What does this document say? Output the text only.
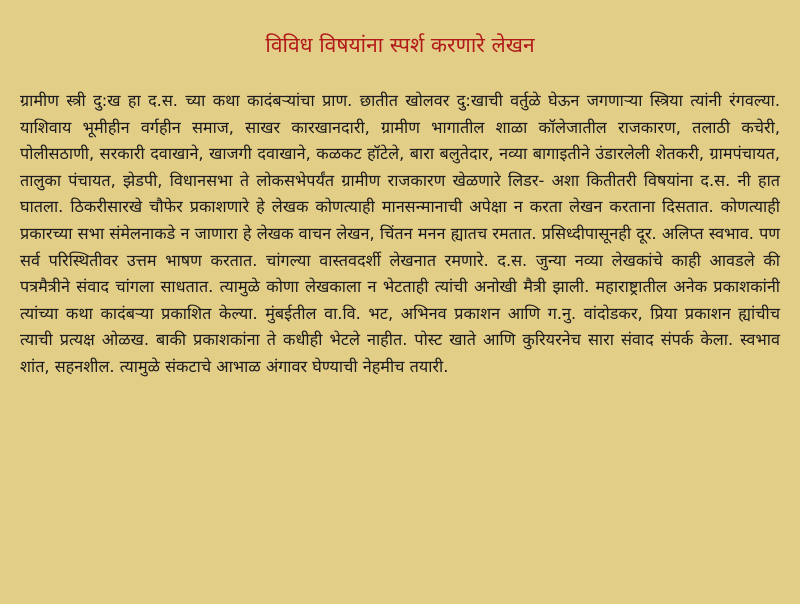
विविध विषयांना स्पर्श करणारे लेखन

ग्रामीण स्त्री दु:ख हा द.स. च्या कथा कादंबऱ्यांचा प्राण. छातीत खोलवर दु:खाची वर्तुळे घेऊन जगणाऱ्या स्त्रिया त्यांनी रंगवल्या. याशिवाय भूमीहीन वर्गहीन समाज, साखर कारखानदारी, ग्रामीण भागातील शाळा कॉलेजातील राजकारण, तलाठी कचेरी, पोलीसठाणी, सरकारी दवाखाने, खाजगी दवाखाने, कळकट हॉटेले, बारा बलुतेदार, नव्या बागाइतीने उंडारलेली शेतकरी, ग्रामपंचायत, तालुका पंचायत, झेडपी, विधानसभा ते लोकसभेपर्यंत ग्रामीण राजकारण खेळणारे लिडर- अशा कितीतरी विषयांना द.स. नी हात घातला. ठिकरीसारखे चौफेर प्रकाशणारे हे लेखक कोणत्याही मानसन्मानाची अपेक्षा न करता लेखन करताना दिसतात. कोणत्याही प्रकारच्या सभा संमेलनाकडे न जाणारा हे लेखक वाचन लेखन, चिंतन मनन ह्यातच रमतात. प्रसिध्दीपासूनही दूर. अलिप्त स्वभाव. पण सर्व परिस्थितीवर उत्तम भाषण करतात. चांगल्या वास्तवदर्शी लेखनात रमणारे. द.स. जुन्या नव्या लेखकांचे काही आवडले की पत्रमैत्रीने संवाद चांगला साधतात. त्यामुळे कोणा लेखकाला न भेटताही त्यांची अनोखी मैत्री झाली. महाराष्ट्रातील अनेक प्रकाशकांनी त्यांच्या कथा कादंबऱ्या प्रकाशित केल्या. मुंबईतील वा.वि. भट, अभिनव प्रकाशन आणि ग.नु. वांदोडकर, प्रिया प्रकाशन ह्यांचीच त्याची प्रत्यक्ष ओळख. बाकी प्रकाशकांना ते कधीही भेटले नाहीत. पोस्ट खाते आणि कुरियरनेच सारा संवाद संपर्क केला. स्वभाव शांत, सहनशील. त्यामुळे संकटाचे आभाळ अंगावर घेण्याची नेहमीच तयारी.
